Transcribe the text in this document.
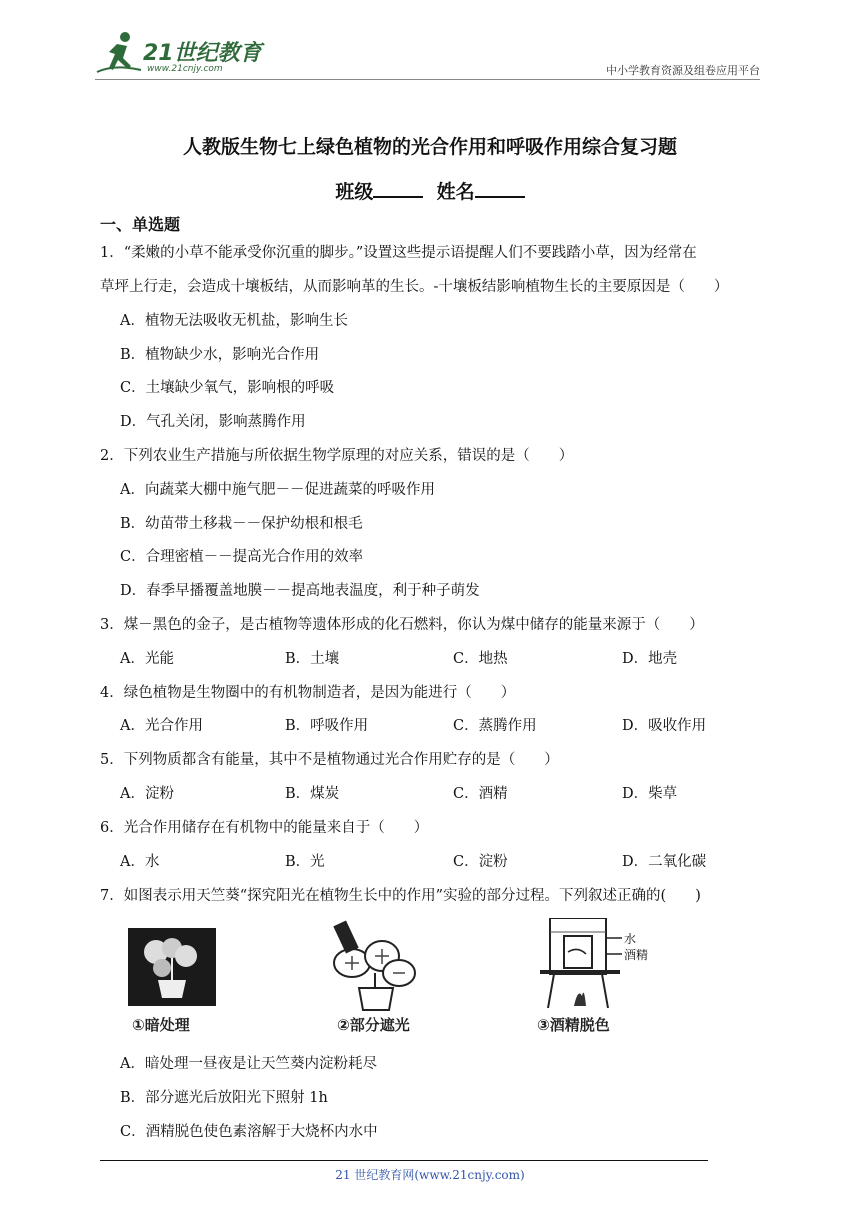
21世纪教育
www.21cnjy.com	中小学教育资源及组卷应用平台
人教版生物七上绿色植物的光合作用和呼吸作用综合复习题
班级	姓名
一、单选题
1．“柔嫩的小草不能承受你沉重的脚步。”设置这些提示语提醒人们不要践踏小草，因为经常在
草坪上行走，会造成十壤板结，从而影响革的生长。-十壤板结影响植物生长的主要原因是（　　）
A．植物无法吸收无机盐，影响生长
B．植物缺少水，影响光合作用
C．土壤缺少氧气，影响根的呼吸
D．气孔关闭，影响蒸腾作用
2．下列农业生产措施与所依据生物学原理的对应关系，错误的是（　　）
A．向蔬菜大棚中施气肥－－促进蔬菜的呼吸作用
B．幼苗带土移栽－－保护幼根和根毛
C．合理密植－－提高光合作用的效率
D．春季早播覆盖地膜－－提高地表温度，利于种子萌发
3．煤－黑色的金子，是古植物等遗体形成的化石燃料，你认为煤中储存的能量来源于（　　）
A．光能	B．土壤	C．地热	D．地壳
4．绿色植物是生物圈中的有机物制造者，是因为能进行（　　）
A．光合作用	B．呼吸作用	C．蒸腾作用	D．吸收作用
5．下列物质都含有能量，其中不是植物通过光合作用贮存的是（　　）
A．淀粉	B．煤炭	C．酒精	D．柴草
6．光合作用储存在有机物中的能量来自于（　　）
A．水	B．光	C．淀粉	D．二氧化碳
7．如图表示用天竺葵“探究阳光在植物生长中的作用”实验的部分过程。下列叙述正确的(　　)
①暗处理	②部分遮光
水
酒精
③酒精脱色
A．暗处理一昼夜是让天竺葵内淀粉耗尽
B．部分遮光后放阳光下照射 1h
C．酒精脱色使色素溶解于大烧杯内水中
21 世纪教育网(www.21cnjy.com)
